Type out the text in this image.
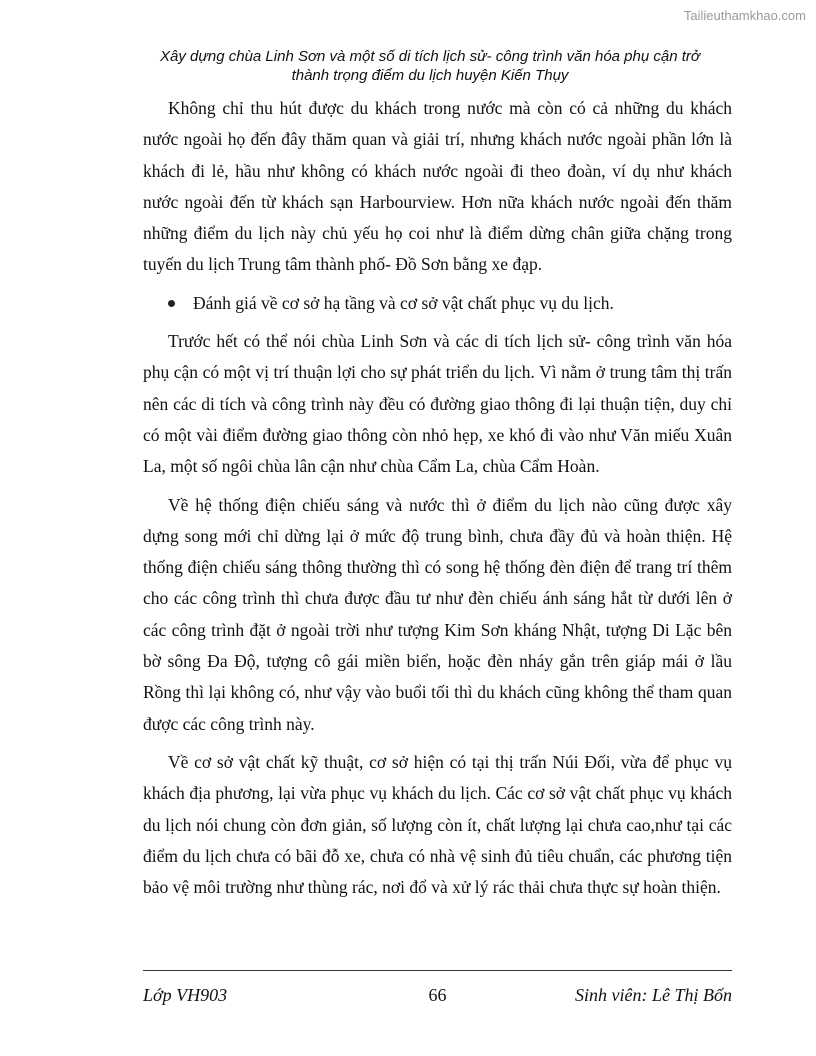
Tailieuthamkhao.com
Xây dựng chùa Linh Sơn và một số di tích lịch sử- công trình văn hóa phụ cận trở
thành trọng điểm du lịch huyện Kiến Thụy

Không chỉ thu hút được du khách trong nước mà còn có cả những du khách nước ngoài họ đến đây thăm quan và giải trí, nhưng khách nước ngoài phần lớn là khách đi lẻ, hầu như không có khách nước ngoài đi theo đoàn, ví dụ như khách nước ngoài đến từ khách sạn Harbourview. Hơn nữa khách nước ngoài đến thăm những điểm du lịch này chủ yếu họ coi như là điểm dừng chân giữa chặng trong tuyến du lịch Trung tâm thành phố- Đồ Sơn bằng xe đạp.

Đánh giá về cơ sở hạ tầng và cơ sở vật chất phục vụ du lịch.

Trước hết có thể nói chùa Linh Sơn và các di tích lịch sử- công trình văn hóa phụ cận có một vị trí thuận lợi cho sự phát triển du lịch. Vì nằm ở trung tâm thị trấn nên các di tích và công trình này đều có đường giao thông đi lại thuận tiện, duy chỉ có một vài điểm đường giao thông còn nhỏ hẹp, xe khó đi vào như Văn miếu Xuân La, một số ngôi chùa lân cận như chùa Cẩm La, chùa Cẩm Hoàn.

Về hệ thống điện chiếu sáng và nước thì ở điểm du lịch nào cũng được xây dựng song mới chỉ dừng lại ở mức độ trung bình, chưa đầy đủ và hoàn thiện. Hệ thống điện chiếu sáng thông thường thì có song hệ thống đèn điện để trang trí thêm cho các công trình thì chưa được đầu tư như đèn chiếu ánh sáng hắt từ dưới lên ở các công trình đặt ở ngoài trời như tượng Kim Sơn kháng Nhật, tượng Di Lặc bên bờ sông Đa Độ, tượng cô gái miền biển, hoặc đèn nháy gắn trên giáp mái ở lầu Rồng thì lại không có, như vậy vào buổi tối thì du khách cũng không thể tham quan được các công trình này.

Về cơ sở vật chất kỹ thuật, cơ sở hiện có tại thị trấn Núi Đối, vừa để phục vụ khách địa phương, lại vừa phục vụ khách du lịch. Các cơ sở vật chất phục vụ khách du lịch nói chung còn đơn giản, số lượng còn ít, chất lượng lại chưa cao,như tại các điểm du lịch chưa có bãi đỗ xe, chưa có nhà vệ sinh đủ tiêu chuẩn, các phương tiện bảo vệ môi trường như thùng rác, nơi đổ và xử lý rác thải chưa thực sự hoàn thiện.

Lớp VH903	66	Sinh viên: Lê Thị Bốn
